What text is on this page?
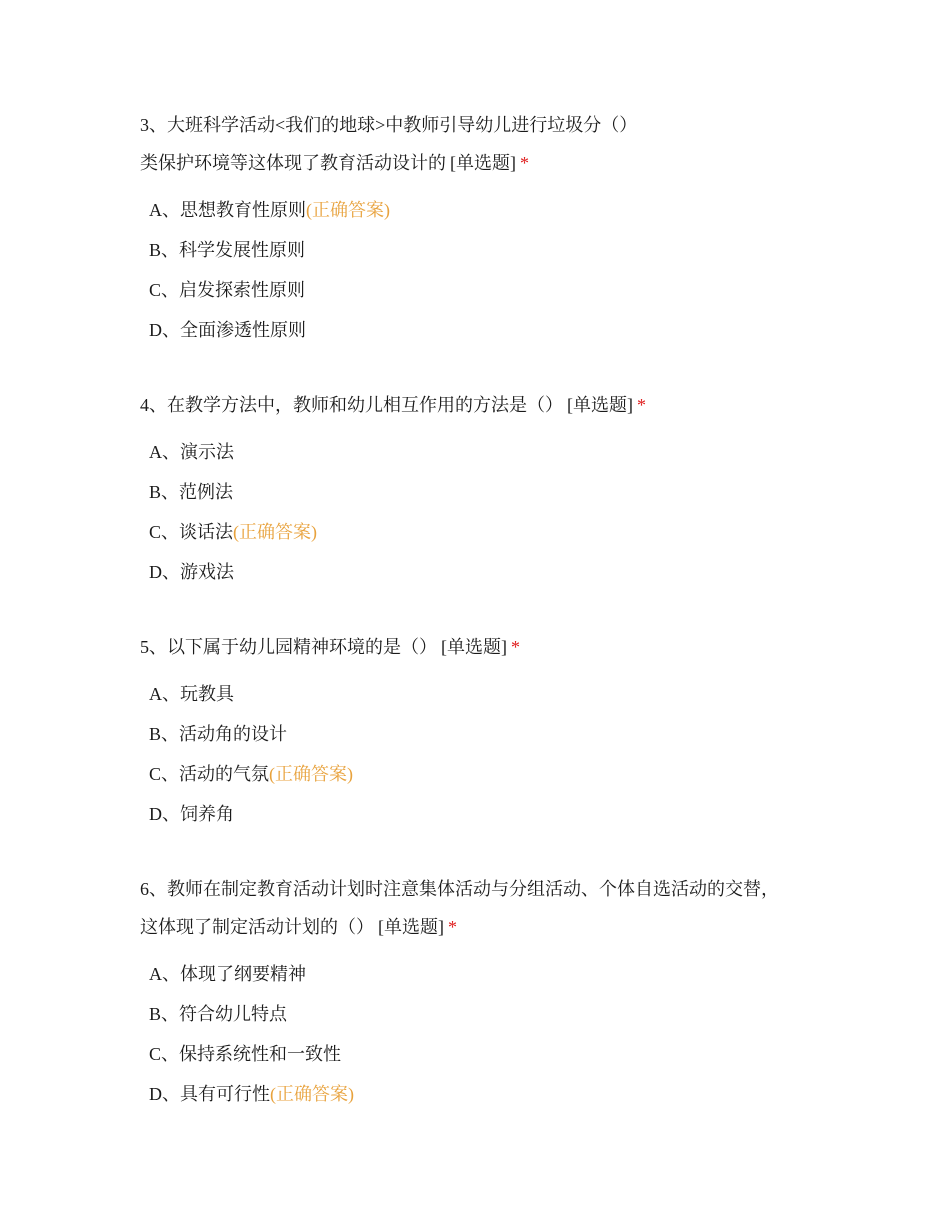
3、大班科学活动<我们的地球>中教师引导幼儿进行垃圾分（）
类保护环境等这体现了教育活动设计的 [单选题] *

A、思想教育性原则(正确答案)
B、科学发展性原则
C、启发探索性原则
D、全面渗透性原则

4、在教学方法中，教师和幼儿相互作用的方法是（） [单选题] *

A、演示法
B、范例法
C、谈话法(正确答案)
D、游戏法

5、以下属于幼儿园精神环境的是（） [单选题] *

A、玩教具
B、活动角的设计
C、活动的气氛(正确答案)
D、饲养角

6、教师在制定教育活动计划时注意集体活动与分组活动、个体自选活动的交替，
这体现了制定活动计划的（） [单选题] *

A、体现了纲要精神
B、符合幼儿特点
C、保持系统性和一致性
D、具有可行性(正确答案)
